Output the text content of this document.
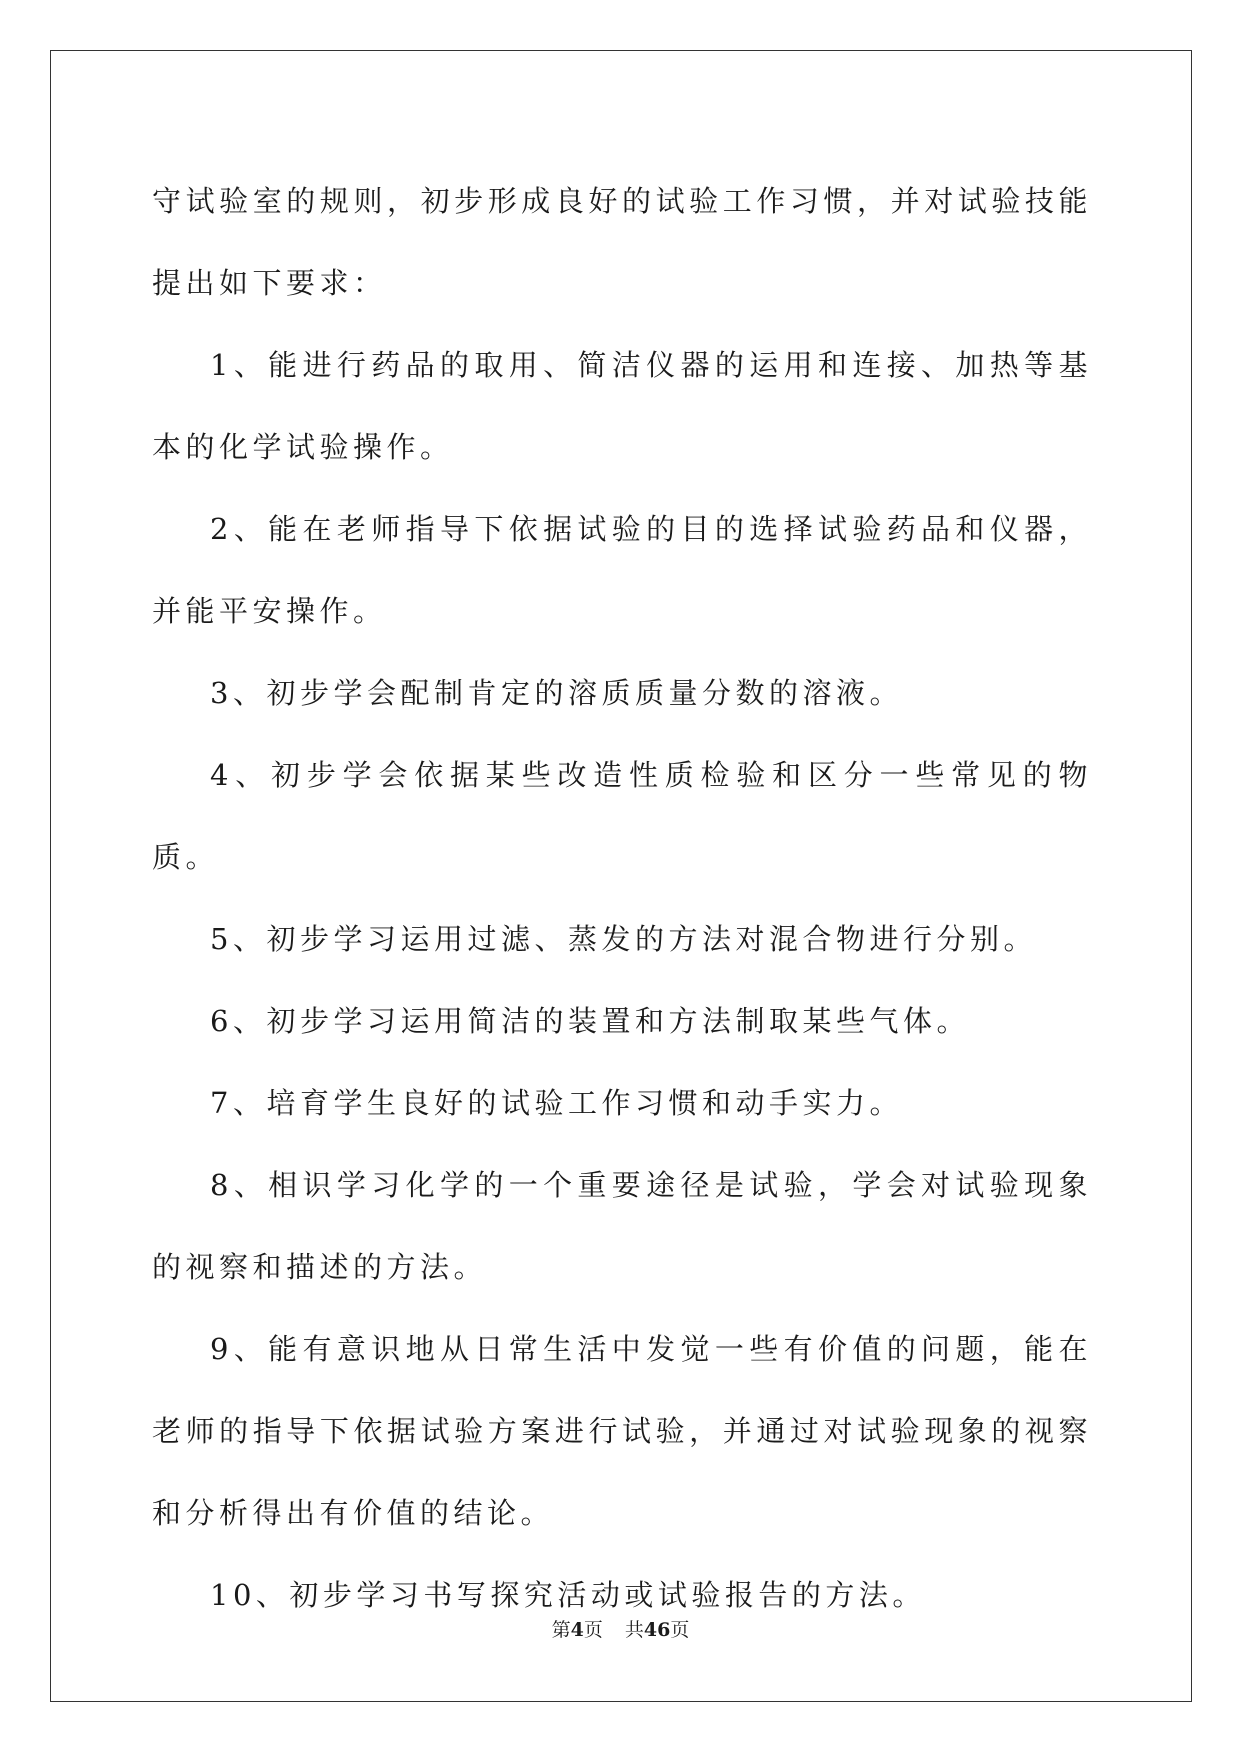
守试验室的规则，初步形成良好的试验工作习惯，并对试验技能提出如下要求：

1、能进行药品的取用、简洁仪器的运用和连接、加热等基本的化学试验操作。

2、能在老师指导下依据试验的目的选择试验药品和仪器，并能平安操作。

3、初步学会配制肯定的溶质质量分数的溶液。

4、初步学会依据某些改造性质检验和区分一些常见的物质。

5、初步学习运用过滤、蒸发的方法对混合物进行分别。

6、初步学习运用简洁的装置和方法制取某些气体。

7、培育学生良好的试验工作习惯和动手实力。

8、相识学习化学的一个重要途径是试验，学会对试验现象的视察和描述的方法。

9、能有意识地从日常生活中发觉一些有价值的问题，能在老师的指导下依据试验方案进行试验，并通过对试验现象的视察和分析得出有价值的结论。

10、初步学习书写探究活动或试验报告的方法。

第4页 共46页
